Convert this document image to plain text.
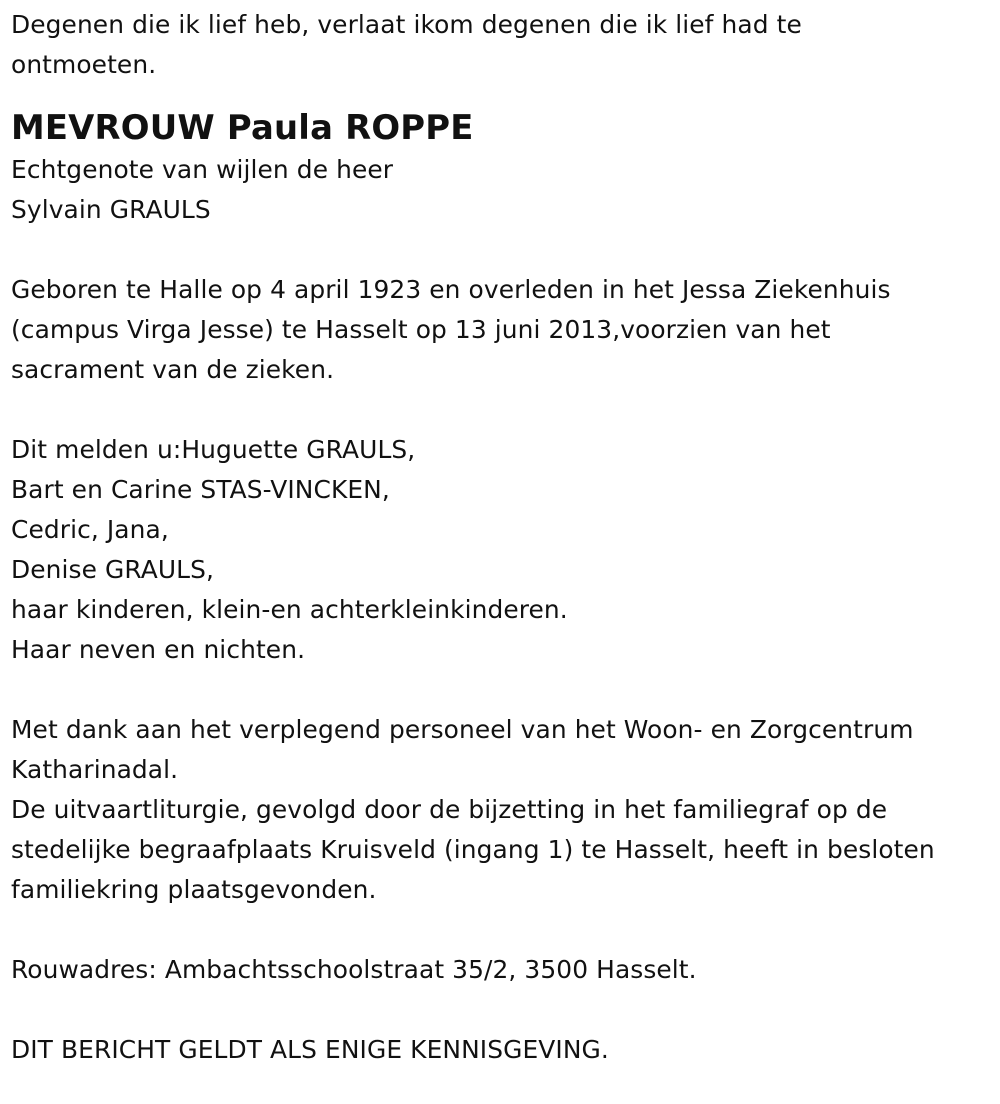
Degenen die ik lief heb, verlaat ikom degenen die ik lief had te
ontmoeten.
MEVROUW Paula ROPPE
Echtgenote van wijlen de heer
Sylvain GRAULS
Geboren te Halle op 4 april 1923 en overleden in het Jessa Ziekenhuis
(campus Virga Jesse) te Hasselt op 13 juni 2013,voorzien van het
sacrament van de zieken.
Dit melden u:Huguette GRAULS,
Bart en Carine STAS-VINCKEN,
Cedric, Jana,
Denise GRAULS,
haar kinderen, klein-en achterkleinkinderen.
Haar neven en nichten.
Met dank aan het verplegend personeel van het Woon- en Zorgcentrum
Katharinadal.
De uitvaartliturgie, gevolgd door de bijzetting in het familiegraf op de
stedelijke begraafplaats Kruisveld (ingang 1) te Hasselt, heeft in besloten
familiekring plaatsgevonden.
Rouwadres: Ambachtsschoolstraat 35/2, 3500 Hasselt.
DIT BERICHT GELDT ALS ENIGE KENNISGEVING.
